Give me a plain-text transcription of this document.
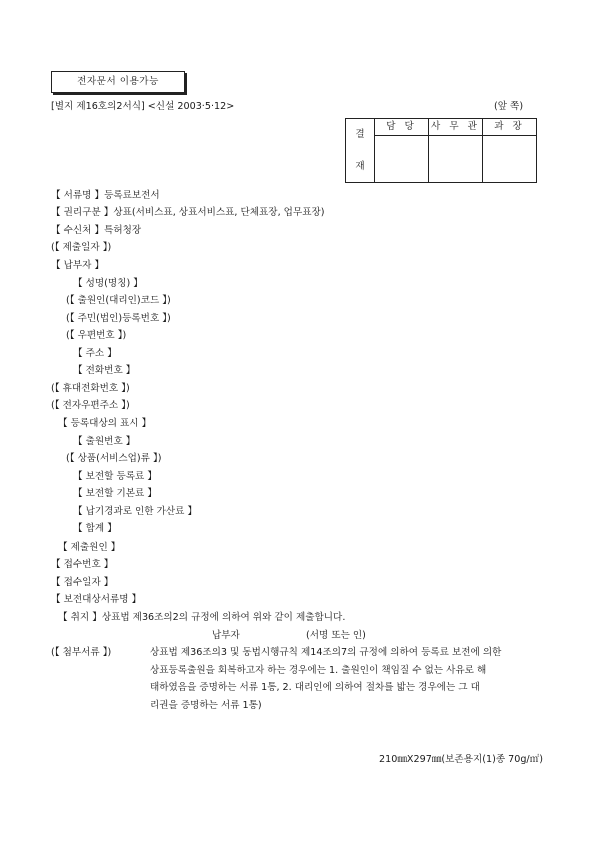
전자문서 이용가능
[별지 제16호의2서식] <신설 2003·5·12>	(앞 쪽)
결
재	담 당	사 무 관	과 장

【 서류명 】등록료보전서
【 권리구분 】상표(서비스표, 상표서비스표, 단체표장, 업무표장)
【 수신처 】특허청장
(【 제출일자 】)
【 납부자 】
【 성명(명칭) 】
(【 출원인(대리인)코드 】)
(【 주민(법인)등록번호 】)
(【 우편번호 】)
【 주소 】
【 전화번호 】
(【 휴대전화번호 】)
(【 전자우편주소 】)
【 등록대상의 표시 】
【 출원번호 】
(【 상품(서비스업)류 】)
【 보전할 등록료 】
【 보전할 기본료 】
【 납기경과로 인한 가산료 】
【 합계 】
【 제출원인 】
【 접수번호 】
【 접수일자 】
【 보전대상서류명 】
【 취지 】상표법 제36조의2의 규정에 의하여 위와 같이 제출합니다.
납부자	(서명 또는 인)
(【 첨부서류 】)	상표법 제36조의3 및 동법시행규칙 제14조의7의 규정에 의하여 등록료 보전에 의한
상표등록출원을 회복하고자 하는 경우에는 1. 출원인이 책임질 수 없는 사유로 해
태하였음을 증명하는 서류 1통, 2. 대리인에 의하여 절차를 밟는 경우에는 그 대
리권을 증명하는 서류 1통)
210㎜X297㎜(보존용지(1)종 70g/㎡)
